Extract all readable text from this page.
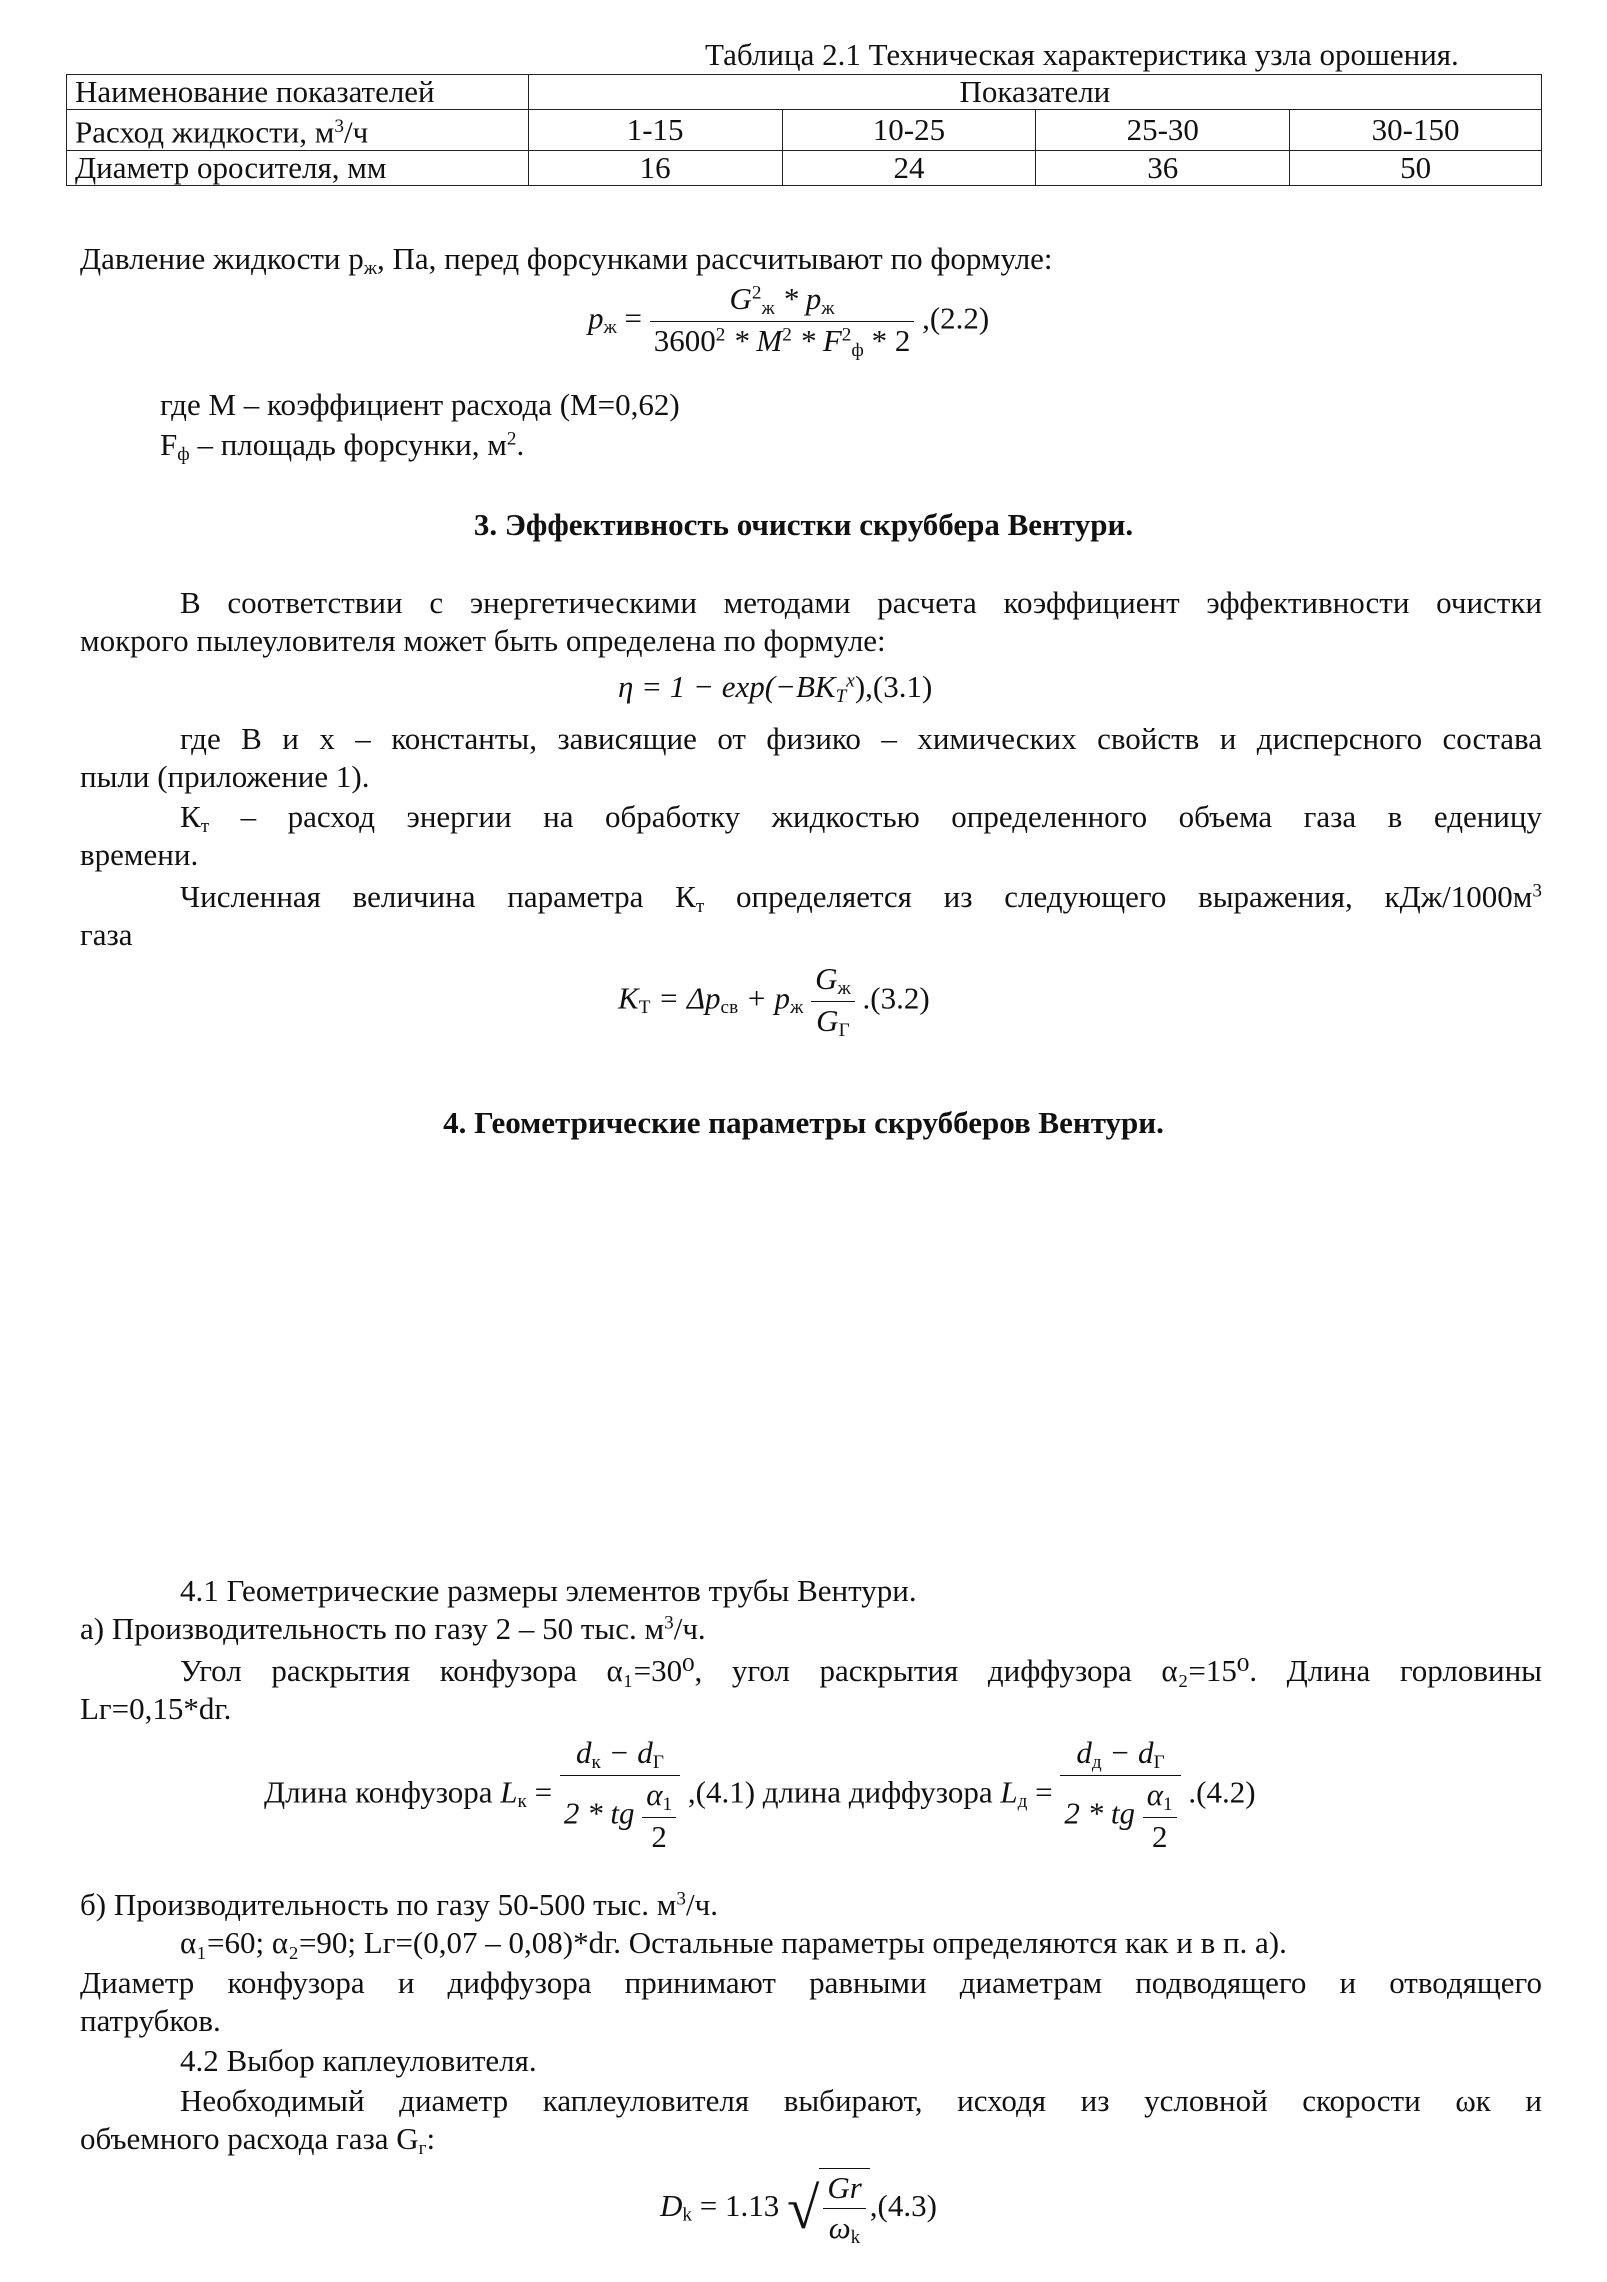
Таблица 2.1 Техническая характеристика узла орошения.
Наименование показателей	Показатели			
Расход жидкости, $м^3/ч$	1-15	10-25	25-30	30-150
Диаметр оросителя, мм	16	24	36	50
Давление жидкости $р_ж$, Па, перед форсунками рассчитывают по формуле:
$p_ж = \frac{G^2_ж * p_ж}{3600^2 * M^2 * F^2_ф * 2} ,(2.2)$
где М – коэффициент расхода (М=0,62)
$F_ф$ – площадь форсунки, $м^2$.
3. Эффективность очистки скруббера Вентури.
В соответствии с энергетическими методами расчета коэффициент эффективности очистки
мокрого пылеуловителя может быть определена по формуле:
$\eta = 1 - \exp(-BK_T^x),(3.1)$
где В и х – константы, зависящие от физико – химических свойств и дисперсного состава
пыли (приложение 1).
$К_т$ – расход энергии на обработку жидкостью определенного объема газа в еденицу
времени.
Численная величина параметра $К_т$ определяется из следующего выражения, кДж/$1000м^3$
газа
$K_T = \Delta p_{св} + p_ж \frac{G_ж}{G_Г} .(3.2)$
4. Геометрические параметры скрубберов Вентури.
4.1 Геометрические размеры элементов трубы Вентури.
а) Производительность по газу 2 – 50 тыс. $м^3/ч$.
Угол раскрытия конфузора α₁=30⁰, угол раскрытия диффузора α₂=15⁰. Длина горловины
Lг=0,15*dг.
Длина конфузора $L_к = \frac{d_к - d_Г}{2 * tg \frac{\alpha_1}{2}} ,(4.1)$ длина диффузора $L_д = \frac{d_д - d_Г}{2 * tg \frac{\alpha_1}{2}} .(4.2)$
б) Производительность по газу 50-500 тыс. $м^3/ч$.
α₁=60; α₂=90; Lг=(0,07 – 0,08)*dг. Остальные параметры определяются как и в п. а).
Диаметр конфузора и диффузора принимают равными диаметрам подводящего и отводящего
патрубков.
4.2 Выбор каплеуловителя.
Необходимый диаметр каплеуловителя выбирают, исходя из условной скорости ωк и
объемного расхода газа $G_г$:
$D_k = 1.13$ √ $\frac{Gr}{\omega_k} ,(4.3)$
